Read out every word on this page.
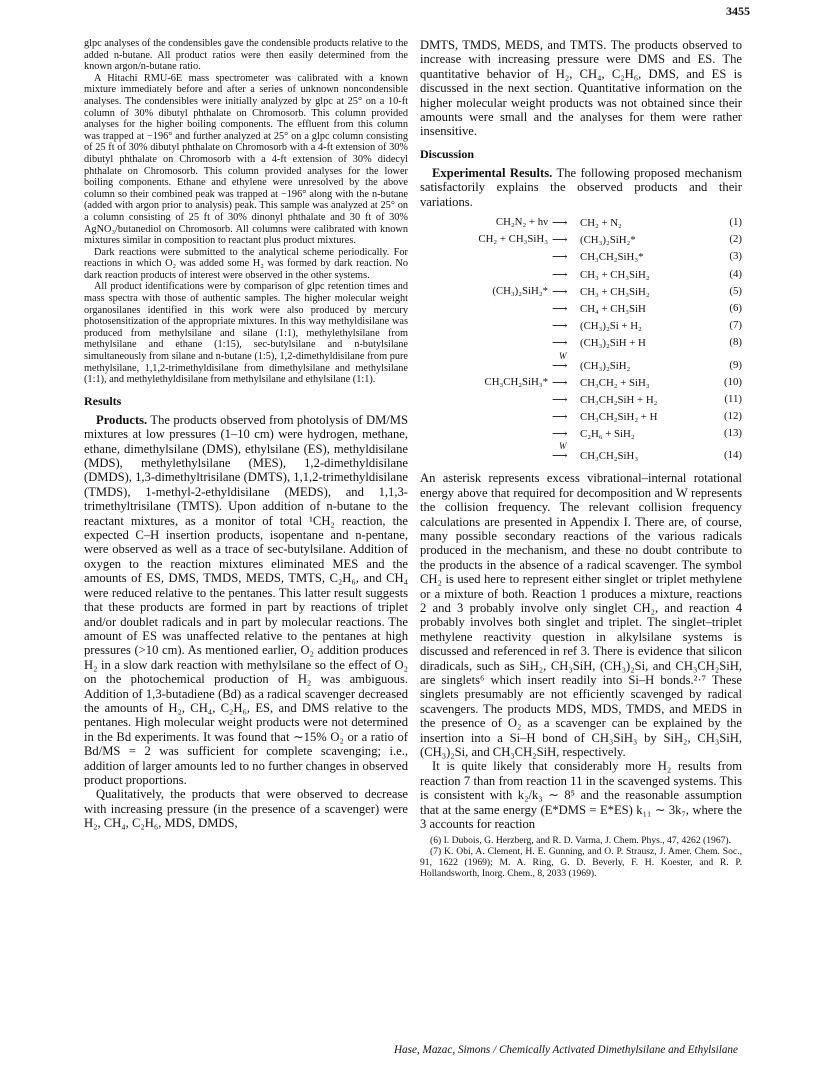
3455

glpc analyses of the condensibles gave the condensible products relative to the added n-butane. All product ratios were then easily determined from the known argon/n-butane ratio.

A Hitachi RMU-6E mass spectrometer was calibrated with a known mixture immediately before and after a series of unknown noncondensible analyses. The condensibles were initially analyzed by glpc at 25° on a 10-ft column of 30% dibutyl phthalate on Chromosorb. This column provided analyses for the higher boiling components. The effluent from this column was trapped at −196° and further analyzed at 25° on a glpc column consisting of 25 ft of 30% dibutyl phthalate on Chromosorb with a 4-ft extension of 30% dibutyl phthalate on Chromosorb with a 4-ft extension of 30% didecyl phthalate on Chromosorb. This column provided analyses for the lower boiling components. Ethane and ethylene were unresolved by the above column so their combined peak was trapped at −196° along with the n-butane (added with argon prior to analysis) peak. This sample was analyzed at 25° on a column consisting of 25 ft of 30% dinonyl phthalate and 30 ft of 30% AgNO₃/butanediol on Chromosorb. All columns were calibrated with known mixtures similar in composition to reactant plus product mixtures.

Dark reactions were submitted to the analytical scheme periodically. For reactions in which O₂ was added some H₂ was formed by dark reaction. No dark reaction products of interest were observed in the other systems.

All product identifications were by comparison of glpc retention times and mass spectra with those of authentic samples. The higher molecular weight organosilanes identified in this work were also produced by mercury photosensitization of the appropriate mixtures. In this way methyldisilane was produced from methylsilane and silane (1:1), methylethylsilane from methylsilane and ethane (1:15), sec-butylsilane and n-butylsilane simultaneously from silane and n-butane (1:5), 1,2-dimethyldisilane from pure methylsilane, 1,1,2-trimethyldisilane from dimethylsilane and methylsilane (1:1), and methylethyldisilane from methylsilane and ethylsilane (1:1).

Results

Products. The products observed from photolysis of DM/MS mixtures at low pressures (1–10 cm) were hydrogen, methane, ethane, dimethylsilane (DMS), ethylsilane (ES), methyldisilane (MDS), methylethylsilane (MES), 1,2-dimethyldisilane (DMDS), 1,3-dimethyltrisilane (DMTS), 1,1,2-trimethyldisilane (TMDS), 1-methyl-2-ethyldisilane (MEDS), and 1,1,3-trimethyltrisilane (TMTS). Upon addition of n-butane to the reactant mixtures, as a monitor of total ¹CH₂ reaction, the expected C–H insertion products, isopentane and n-pentane, were observed as well as a trace of sec-butylsilane. Addition of oxygen to the reaction mixtures eliminated MES and the amounts of ES, DMS, TMDS, MEDS, TMTS, C₂H₆, and CH₄ were reduced relative to the pentanes. This latter result suggests that these products are formed in part by reactions of triplet and/or doublet radicals and in part by molecular reactions. The amount of ES was unaffected relative to the pentanes at high pressures (>10 cm). As mentioned earlier, O₂ addition produces H₂ in a slow dark reaction with methylsilane so the effect of O₂ on the photochemical production of H₂ was ambiguous. Addition of 1,3-butadiene (Bd) as a radical scavenger decreased the amounts of H₂, CH₄, C₂H₆, ES, and DMS relative to the pentanes. High molecular weight products were not determined in the Bd experiments. It was found that ∼15% O₂ or a ratio of Bd/MS = 2 was sufficient for complete scavenging; i.e., addition of larger amounts led to no further changes in observed product proportions.

Qualitatively, the products that were observed to decrease with increasing pressure (in the presence of a scavenger) were H₂, CH₄, C₂H₆, MDS, DMDS,

DMTS, TMDS, MEDS, and TMTS. The products observed to increase with increasing pressure were DMS and ES. The quantitative behavior of H₂, CH₄, C₂H₆, DMS, and ES is discussed in the next section. Quantitative information on the higher molecular weight products was not obtained since their amounts were small and the analyses for them were rather insensitive.

Discussion

Experimental Results. The following proposed mechanism satisfactorily explains the observed products and their variations.

CH₂N₂ + hν ⟶ CH₂ + N₂	(1)
CH₂ + CH₃SiH₃ ⟶ (CH₃)₂SiH₂*	(2)
⟶ CH₃CH₂SiH₃*	(3)
⟶ CH₃ + CH₃SiH₂	(4)
(CH₃)₂SiH₂* ⟶ CH₃ + CH₃SiH₂	(5)
⟶ CH₄ + CH₃SiH	(6)
⟶ (CH₃)₂Si + H₂	(7)
⟶ (CH₃)₂SiH + H	(8)
W
⟶ (CH₃)₂SiH₂	(9)
CH₃CH₂SiH₃* ⟶ CH₃CH₂ + SiH₃	(10)
⟶ CH₃CH₂SiH + H₂	(11)
⟶ CH₃CH₂SiH₂ + H	(12)
⟶ C₂H₆ + SiH₂	(13)
W
⟶ CH₃CH₂SiH₃	(14)

An asterisk represents excess vibrational–internal rotational energy above that required for decomposition and W represents the collision frequency. The relevant collision frequency calculations are presented in Appendix I. There are, of course, many possible secondary reactions of the various radicals produced in the mechanism, and these no doubt contribute to the products in the absence of a radical scavenger. The symbol CH₂ is used here to represent either singlet or triplet methylene or a mixture of both. Reaction 1 produces a mixture, reactions 2 and 3 probably involve only singlet CH₂, and reaction 4 probably involves both singlet and triplet. The singlet–triplet methylene reactivity question in alkylsilane systems is discussed and referenced in ref 3. There is evidence that silicon diradicals, such as SiH₂, CH₃SiH, (CH₃)₂Si, and CH₃CH₂SiH, are singlets⁶ which insert readily into Si–H bonds.²·⁷ These singlets presumably are not efficiently scavenged by radical scavengers. The products MDS, MDS, TMDS, and MEDS in the presence of O₂ as a scavenger can be explained by the insertion into a Si–H bond of CH₃SiH₃ by SiH₂, CH₃SiH, (CH₃)₂Si, and CH₃CH₂SiH, respectively.

It is quite likely that considerably more H₂ results from reaction 7 than from reaction 11 in the scavenged systems. This is consistent with k₂/k₃ ∼ 8⁵ and the reasonable assumption that at the same energy (E*DMS = E*ES) k₁₁ ∼ 3k₇, where the 3 accounts for reaction

(6) I. Dubois, G. Herzberg, and R. D. Varma, J. Chem. Phys., 47, 4262 (1967).

(7) K. Obi, A. Clement, H. E. Gunning, and O. P. Strausz, J. Amer. Chem. Soc., 91, 1622 (1969); M. A. Ring, G. D. Beverly, F. H. Koester, and R. P. Hollandsworth, Inorg. Chem., 8, 2033 (1969).

Hase, Mazac, Simons / Chemically Activated Dimethylsilane and Ethylsilane
